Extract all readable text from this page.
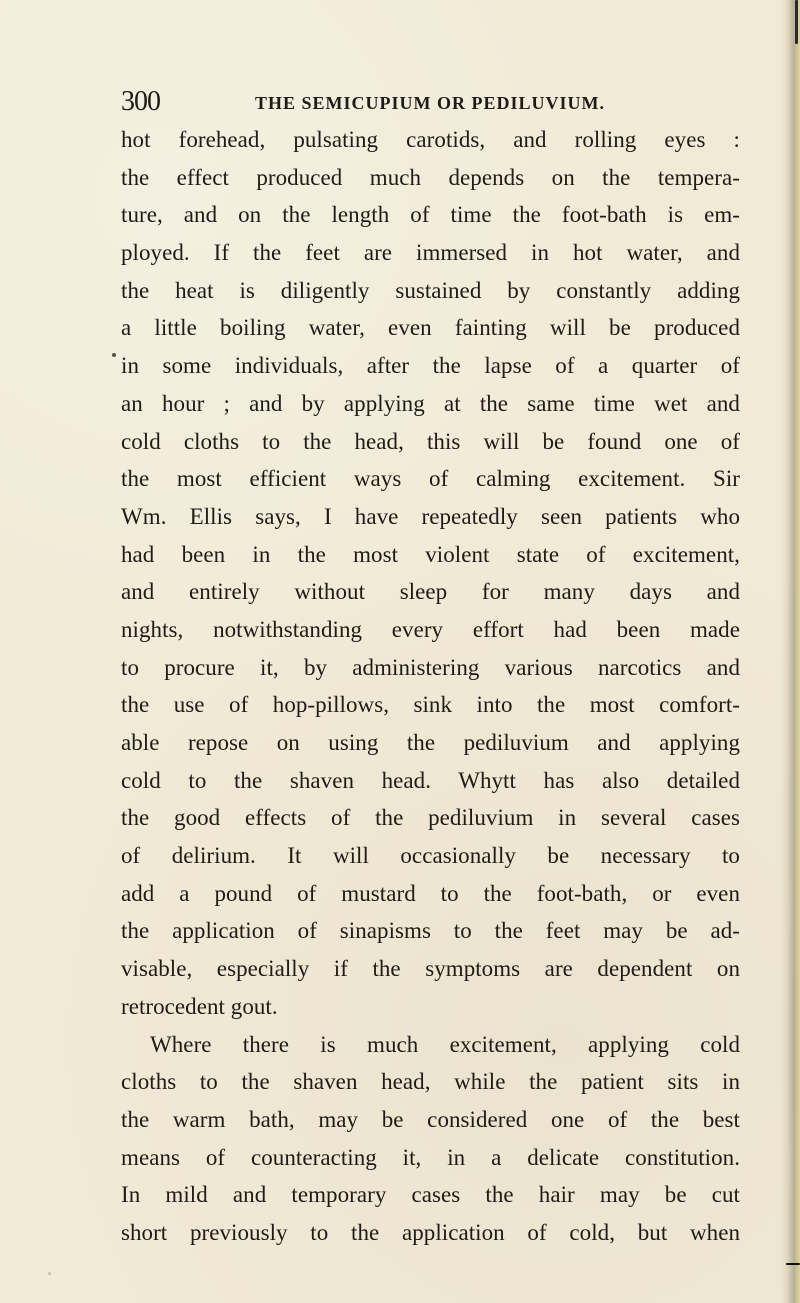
300	THE SEMICUPIUM OR PEDILUVIUM.
hot forehead, pulsating carotids, and rolling eyes :
the effect produced much depends on the tempera-
ture, and on the length of time the foot-bath is em-
ployed. If the feet are immersed in hot water, and
the heat is diligently sustained by constantly adding
a little boiling water, even fainting will be produced
in some individuals, after the lapse of a quarter of
an hour ; and by applying at the same time wet and
cold cloths to the head, this will be found one of
the most efficient ways of calming excitement. Sir
Wm. Ellis says, I have repeatedly seen patients who
had been in the most violent state of excitement,
and entirely without sleep for many days and
nights, notwithstanding every effort had been made
to procure it, by administering various narcotics and
the use of hop-pillows, sink into the most comfort-
able repose on using the pediluvium and applying
cold to the shaven head. Whytt has also detailed
the good effects of the pediluvium in several cases
of delirium. It will occasionally be necessary to
add a pound of mustard to the foot-bath, or even
the application of sinapisms to the feet may be ad-
visable, especially if the symptoms are dependent on
retrocedent gout.
Where there is much excitement, applying cold
cloths to the shaven head, while the patient sits in
the warm bath, may be considered one of the best
means of counteracting it, in a delicate constitution.
In mild and temporary cases the hair may be cut
short previously to the application of cold, but when
